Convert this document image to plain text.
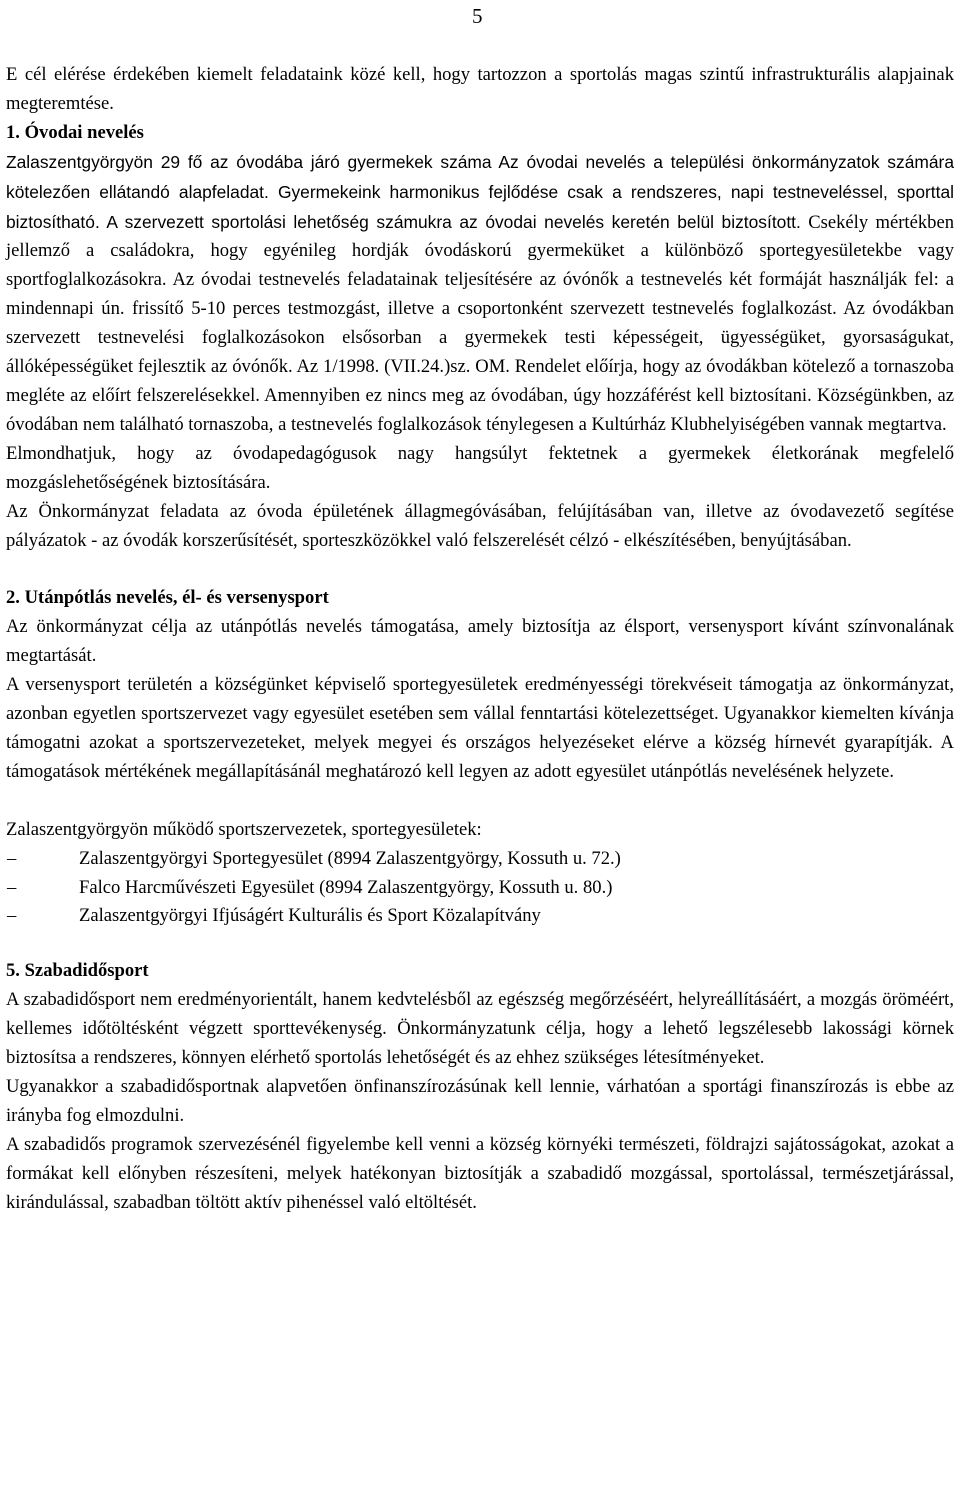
5

E cél elérése érdekében kiemelt feladataink közé kell, hogy tartozzon a sportolás magas szintű infrastrukturális alapjainak megteremtése.

1. Óvodai nevelés

Zalaszentgyörgyön 29 fő az óvodába járó gyermekek száma Az óvodai nevelés a települési önkormányzatok számára kötelezően ellátandó alapfeladat. Gyermekeink harmonikus fejlődése csak a rendszeres, napi testneveléssel, sporttal biztosítható. A szervezett sportolási lehetőség számukra az óvodai nevelés keretén belül biztosított. Csekély mértékben jellemző a családokra, hogy egyénileg hordják óvodáskorú gyermeküket a különböző sportegyesületekbe vagy sportfoglalkozásokra. Az óvodai testnevelés feladatainak teljesítésére az óvónők a testnevelés két formáját használják fel: a mindennapi ún. frissítő 5-10 perces testmozgást, illetve a csoportonként szervezett testnevelés foglalkozást. Az óvodákban szervezett testnevelési foglalkozásokon elsősorban a gyermekek testi képességeit, ügyességüket, gyorsaságukat, állóképességüket fejlesztik az óvónők. Az 1/1998. (VII.24.)sz. OM. Rendelet előírja, hogy az óvodákban kötelező a tornaszoba megléte az előírt felszerelésekkel. Amennyiben ez nincs meg az óvodában, úgy hozzáférést kell biztosítani. Községünkben, az óvodában nem található tornaszoba, a testnevelés foglalkozások ténylegesen a Kultúrház Klubhelyiségében vannak megtartva.

Elmondhatjuk, hogy az óvodapedagógusok nagy hangsúlyt fektetnek a gyermekek életkorának megfelelő mozgáslehetőségének biztosítására.

Az Önkormányzat feladata az óvoda épületének állagmegóvásában, felújításában van, illetve az óvodavezető segítése pályázatok - az óvodák korszerűsítését, sporteszközökkel való felszerelését célzó - elkészítésében, benyújtásában.

2. Utánpótlás nevelés, él- és versenysport

Az önkormányzat célja az utánpótlás nevelés támogatása, amely biztosítja az élsport, versenysport kívánt színvonalának megtartását.

A versenysport területén a községünket képviselő sportegyesületek eredményességi törekvéseit támogatja az önkormányzat, azonban egyetlen sportszervezet vagy egyesület esetében sem vállal fenntartási kötelezettséget. Ugyanakkor kiemelten kívánja támogatni azokat a sportszervezeteket, melyek megyei és országos helyezéseket elérve a község hírnevét gyarapítják. A támogatások mértékének megállapításánál meghatározó kell legyen az adott egyesület utánpótlás nevelésének helyzete.

Zalaszentgyörgyön működő sportszervezetek, sportegyesületek:

–	Zalaszentgyörgyi Sportegyesület (8994 Zalaszentgyörgy, Kossuth u. 72.)
–	Falco Harcművészeti Egyesület (8994 Zalaszentgyörgy, Kossuth u. 80.)
–	Zalaszentgyörgyi Ifjúságért Kulturális és Sport Közalapítvány

5. Szabadidősport

A szabadidősport nem eredményorientált, hanem kedvtelésből az egészség megőrzéséért, helyreállításáért, a mozgás öröméért, kellemes időtöltésként végzett sporttevékenység. Önkormányzatunk célja, hogy a lehető legszélesebb lakossági körnek biztosítsa a rendszeres, könnyen elérhető sportolás lehetőségét és az ehhez szükséges létesítményeket.

Ugyanakkor a szabadidősportnak alapvetően önfinanszírozásúnak kell lennie, várhatóan a sportági finanszírozás is ebbe az irányba fog elmozdulni.

A szabadidős programok szervezésénél figyelembe kell venni a község környéki természeti, földrajzi sajátosságokat, azokat a formákat kell előnyben részesíteni, melyek hatékonyan biztosítják a szabadidő mozgással, sportolással, természetjárással, kirándulással, szabadban töltött aktív pihenéssel való eltöltését.
